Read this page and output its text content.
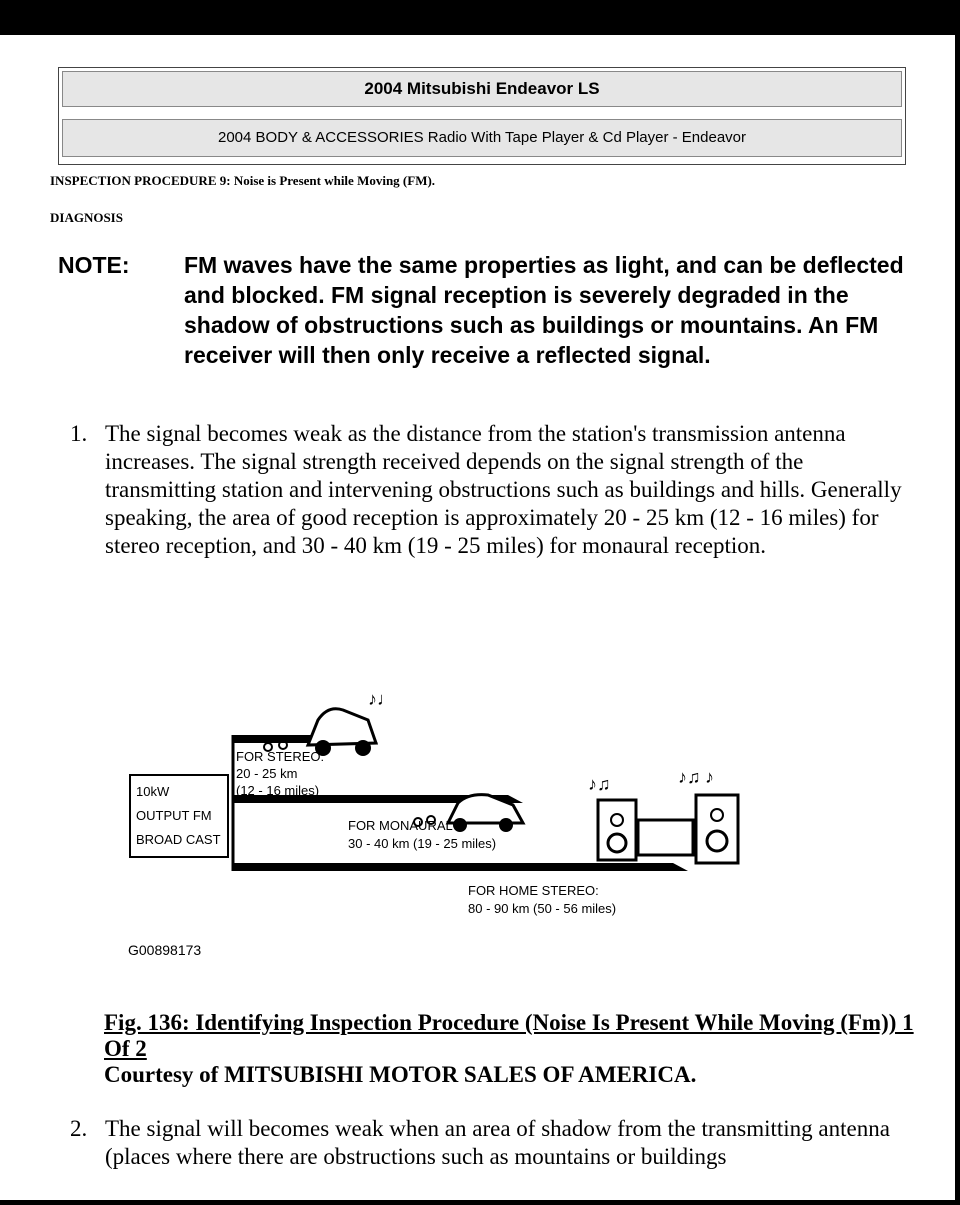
2004 Mitsubishi Endeavor LS
2004 BODY & ACCESSORIES Radio With Tape Player & Cd Player - Endeavor
INSPECTION PROCEDURE 9: Noise is Present while Moving (FM).
DIAGNOSIS
NOTE: FM waves have the same properties as light, and can be deflected and blocked. FM signal reception is severely degraded in the shadow of obstructions such as buildings or mountains. An FM receiver will then only receive a reflected signal.
1. The signal becomes weak as the distance from the station's transmission antenna increases. The signal strength received depends on the signal strength of the transmitting station and intervening obstructions such as buildings and hills. Generally speaking, the area of good reception is approximately 20 - 25 km (12 - 16 miles) for stereo reception, and 30 - 40 km (19 - 25 miles) for monaural reception.
10kW
OUTPUT FM
BROAD CAST
♪♩
FOR STEREO:
20 - 25 km
(12 - 16 miles)
FOR MONAURAL
30 - 40 km (19 - 25 miles)
♪♫	♪♫ ♪
FOR HOME STEREO:
80 - 90 km (50 - 56 miles)
G00898173
Fig. 136: Identifying Inspection Procedure (Noise Is Present While Moving (Fm)) 1 Of 2
Courtesy of MITSUBISHI MOTOR SALES OF AMERICA.
2. The signal will becomes weak when an area of shadow from the transmitting antenna (places where there are obstructions such as mountains or buildings
